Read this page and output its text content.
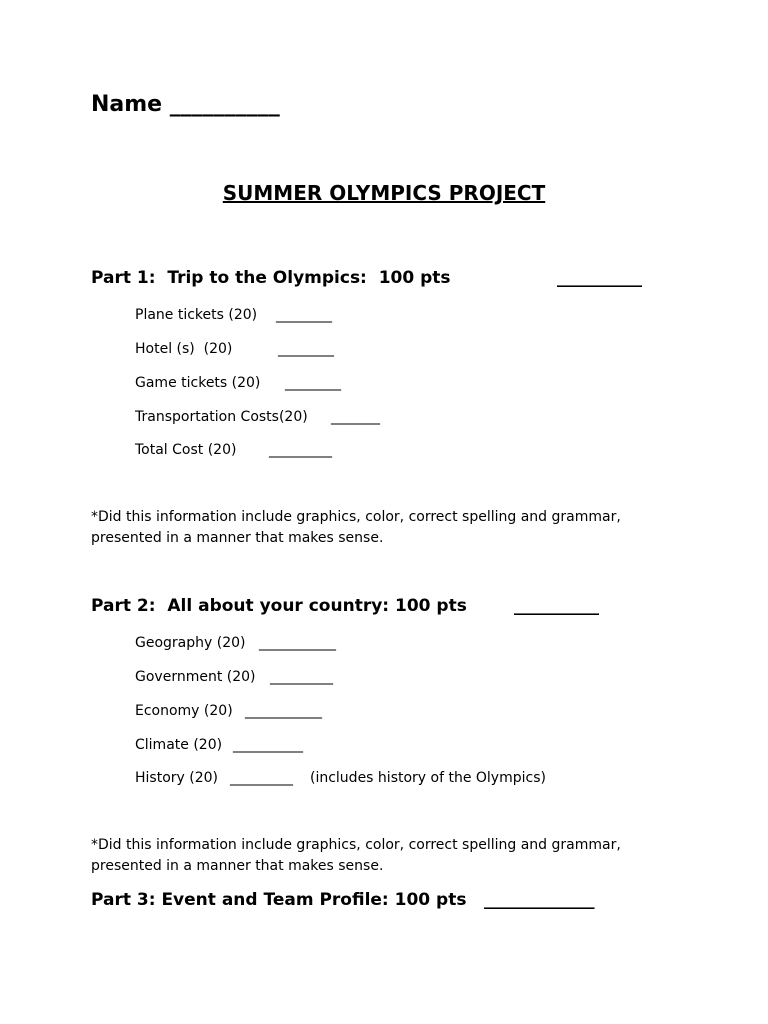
Name __________
SUMMER OLYMPICS PROJECT
Part 1:  Trip to the Olympics:  100 pts	__________
Plane tickets (20) ________
Hotel (s)  (20)	________
Game tickets (20) ________
Transportation Costs(20) _______
Total Cost (20) _________
*Did this information include graphics, color, correct spelling and grammar,
presented in a manner that makes sense.
Part 2:  All about your country: 100 pts	__________
Geography (20) ___________
Government (20) _________
Economy (20) ___________
Climate (20) __________
History (20) _________ (includes history of the Olympics)
*Did this information include graphics, color, correct spelling and grammar,
presented in a manner that makes sense.
Part 3: Event and Team Profile: 100 pts _____________
